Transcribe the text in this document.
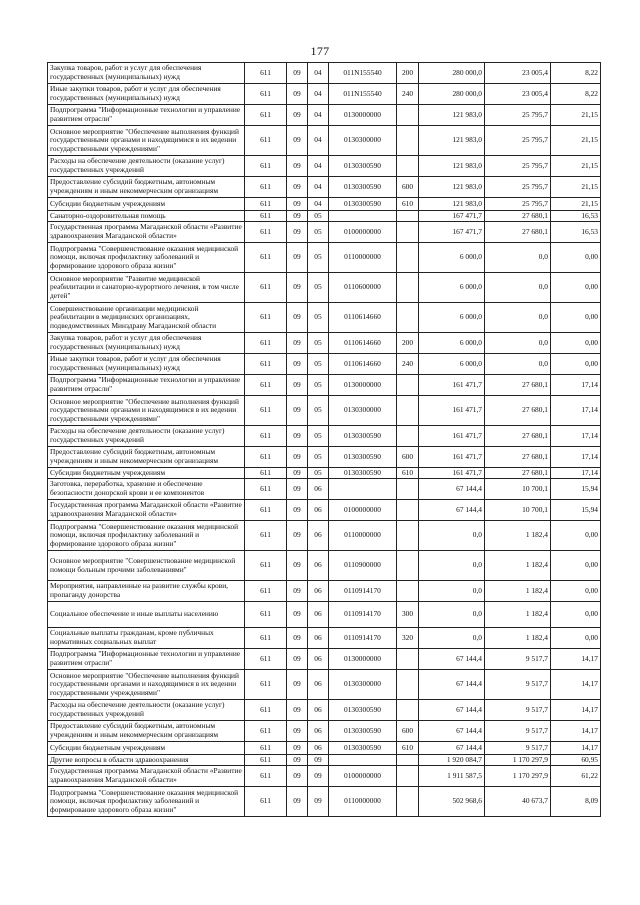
177
Закупка товаров, работ и услуг для обеспечения государственных (муниципальных) нужд	611	09	04	011N155540	200	280 000,0	23 005,4	8,22
Иные закупки товаров, работ и услуг для обеспечения государственных (муниципальных) нужд	611	09	04	011N155540	240	280 000,0	23 005,4	8,22
Подпрограмма "Информационные технологии и управление развитием отрасли"	611	09	04	0130000000		121 983,0	25 795,7	21,15
Основное мероприятие "Обеспечение выполнения функций государственными органами и находящимися в их ведении государственными учреждениями"	611	09	04	0130300000		121 983,0	25 795,7	21,15
Расходы на обеспечение деятельности (оказание услуг) государственных учреждений	611	09	04	0130300590		121 983,0	25 795,7	21,15
Предоставление субсидий бюджетным, автономным учреждениям и иным некоммерческим организациям	611	09	04	0130300590	600	121 983,0	25 795,7	21,15
Субсидии бюджетным учреждениям	611	09	04	0130300590	610	121 983,0	25 795,7	21,15
Санаторно-оздоровительная помощь	611	09	05			167 471,7	27 680,1	16,53
Государственная программа Магаданской области «Развитие здравоохранения Магаданской области»	611	09	05	0100000000		167 471,7	27 680,1	16,53
Подпрограмма "Совершенствование оказания медицинской помощи, включая профилактику заболеваний и формирование здорового образа жизни"	611	09	05	0110000000		6 000,0	0,0	0,00
Основное мероприятие "Развитие медицинской реабилитации и санаторно-курортного лечения, в том числе детей"	611	09	05	0110600000		6 000,0	0,0	0,00
Совершенствование организации медицинской реабилитации в медицинских организациях, подведомственных Минздраву Магаданской области	611	09	05	0110614660		6 000,0	0,0	0,00
Закупка товаров, работ и услуг для обеспечения государственных (муниципальных) нужд	611	09	05	0110614660	200	6 000,0	0,0	0,00
Иные закупки товаров, работ и услуг для обеспечения государственных (муниципальных) нужд	611	09	05	0110614660	240	6 000,0	0,0	0,00
Подпрограмма "Информационные технологии и управление развитием отрасли"	611	09	05	0130000000		161 471,7	27 680,1	17,14
Основное мероприятие "Обеспечение выполнения функций государственными органами и находящимися в их ведении государственными учреждениями"	611	09	05	0130300000		161 471,7	27 680,1	17,14
Расходы на обеспечение деятельности (оказание услуг) государственных учреждений	611	09	05	0130300590		161 471,7	27 680,1	17,14
Предоставление субсидий бюджетным, автономным учреждениям и иным некоммерческим организациям	611	09	05	0130300590	600	161 471,7	27 680,1	17,14
Субсидии бюджетным учреждениям	611	09	05	0130300590	610	161 471,7	27 680,1	17,14
Заготовка, переработка, хранение и обеспечение безопасности донорской крови и ее компонентов	611	09	06			67 144,4	10 700,1	15,94
Государственная программа Магаданской области «Развитие здравоохранения Магаданской области»	611	09	06	0100000000		67 144,4	10 700,1	15,94
Подпрограмма "Совершенствование оказания медицинской помощи, включая профилактику заболеваний и формирование здорового образа жизни"	611	09	06	0110000000		0,0	1 182,4	0,00
Основное мероприятие "Совершенствование медицинской помощи больным прочими заболеваниями"	611	09	06	0110900000		0,0	1 182,4	0,00
Мероприятия, направленные на развитие службы крови, пропаганду донорства	611	09	06	0110914170		0,0	1 182,4	0,00
Социальное обеспечение и иные выплаты населению	611	09	06	0110914170	300	0,0	1 182,4	0,00
Социальные выплаты гражданам, кроме публичных нормативных социальных выплат	611	09	06	0110914170	320	0,0	1 182,4	0,00
Подпрограмма "Информационные технологии и управление развитием отрасли"	611	09	06	0130000000		67 144,4	9 517,7	14,17
Основное мероприятие "Обеспечение выполнения функций государственными органами и находящимися в их ведении государственными учреждениями"	611	09	06	0130300000		67 144,4	9 517,7	14,17
Расходы на обеспечение деятельности (оказание услуг) государственных учреждений	611	09	06	0130300590		67 144,4	9 517,7	14,17
Предоставление субсидий бюджетным, автономным учреждениям и иным некоммерческим организациям	611	09	06	0130300590	600	67 144,4	9 517,7	14,17
Субсидии бюджетным учреждениям	611	09	06	0130300590	610	67 144,4	9 517,7	14,17
Другие вопросы в области здравоохранения	611	09	09			1 920 084,7	1 170 297,9	60,95
Государственная программа Магаданской области «Развитие здравоохранения Магаданской области»	611	09	09	0100000000		1 911 587,5	1 170 297,9	61,22
Подпрограмма "Совершенствование оказания медицинской помощи, включая профилактику заболеваний и формирование здорового образа жизни"	611	09	09	0110000000		502 968,6	40 673,7	8,09
